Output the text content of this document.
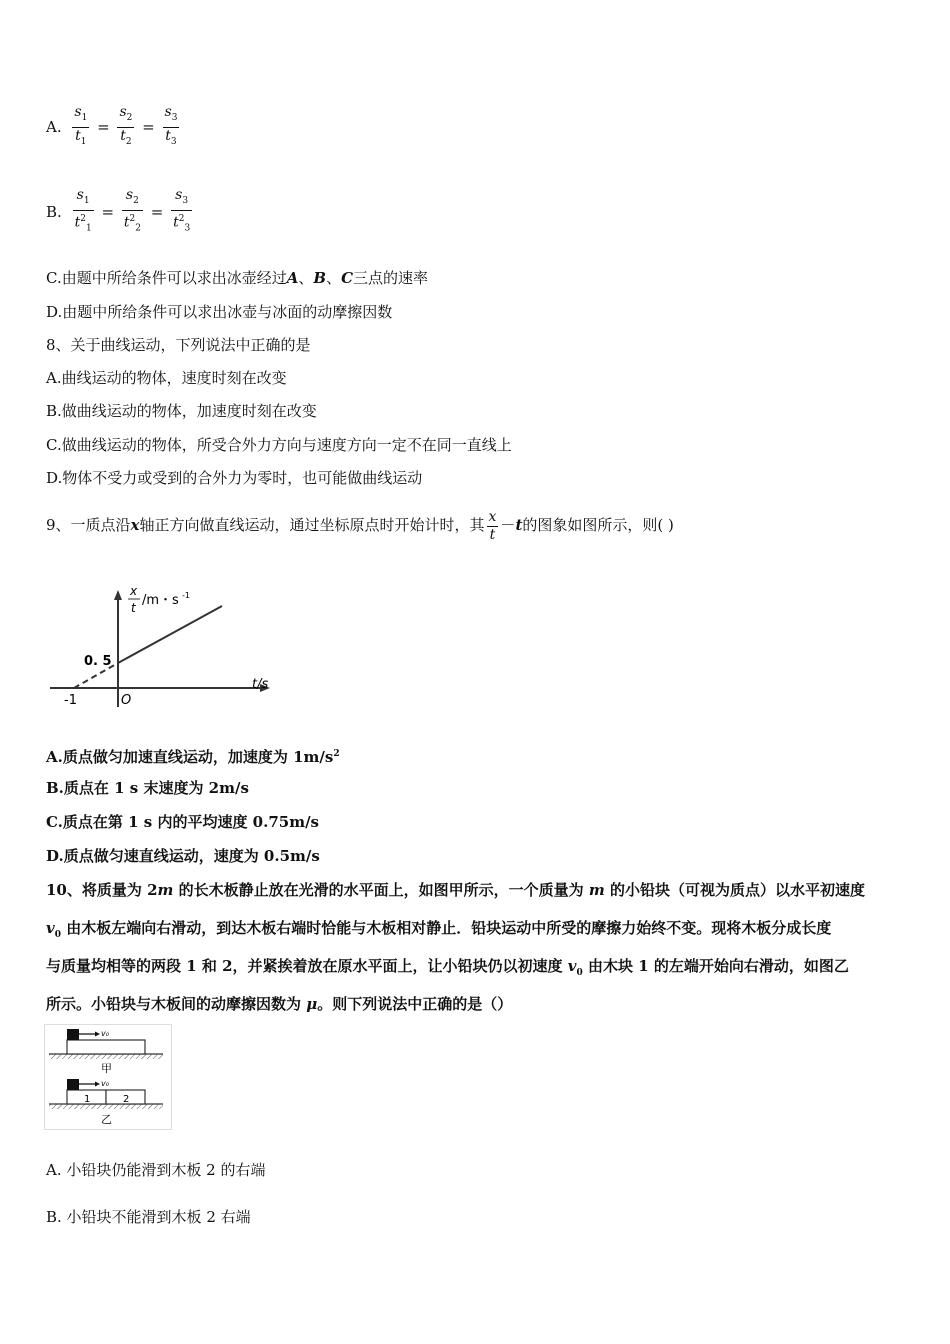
A. $\frac{s_1}{t_1} = \frac{s_2}{t_2} = \frac{s_3}{t_3}$
B. $\frac{s_1}{t^2_1} = \frac{s_2}{t^2_2} = \frac{s_3}{t^2_3}$
C.由题中所给条件可以求出冰壶经过A、B、C三点的速率
D.由题中所给条件可以求出冰壶与冰面的动摩擦因数
8、关于曲线运动，下列说法中正确的是
A.曲线运动的物体，速度时刻在改变
B.做曲线运动的物体，加速度时刻在改变
C.做曲线运动的物体，所受合外力方向与速度方向一定不在同一直线上
D.物体不受力或受到的合外力为零时，也可能做曲线运动
9、一质点沿x轴正方向做直线运动，通过坐标原点时开始计时，其 $\frac{x}{t} -t$的图象如图所示，则( )
x
t /m・s -1
t/s
0. 5
-1	O
A.质点做匀加速直线运动，加速度为 $1m/s^2$
B.质点在 1 s 末速度为 2m/s
C.质点在第 1 s 内的平均速度 0.75m/s
D.质点做匀速直线运动，速度为 0.5m/s
10、将质量为 2m 的长木板静止放在光滑的水平面上，如图甲所示，一个质量为 m 的小铅块（可视为质点）以水平初速度
$v_0$ 由木板左端向右滑动，到达木板右端时恰能与木板相对静止．铅块运动中所受的摩擦力始终不变。现将木板分成长度
与质量均相等的两段 1 和 2，并紧挨着放在原水平面上，让小铅块仍以初速度 $v_0$ 由木块 1 的左端开始向右滑动，如图乙
所示。小铅块与木板间的动摩擦因数为 μ。则下列说法中正确的是（）
v₀
甲
1	2
v₀
乙
A. 小铅块仍能滑到木板 2 的右端
B. 小铅块不能滑到木板 2 右端
